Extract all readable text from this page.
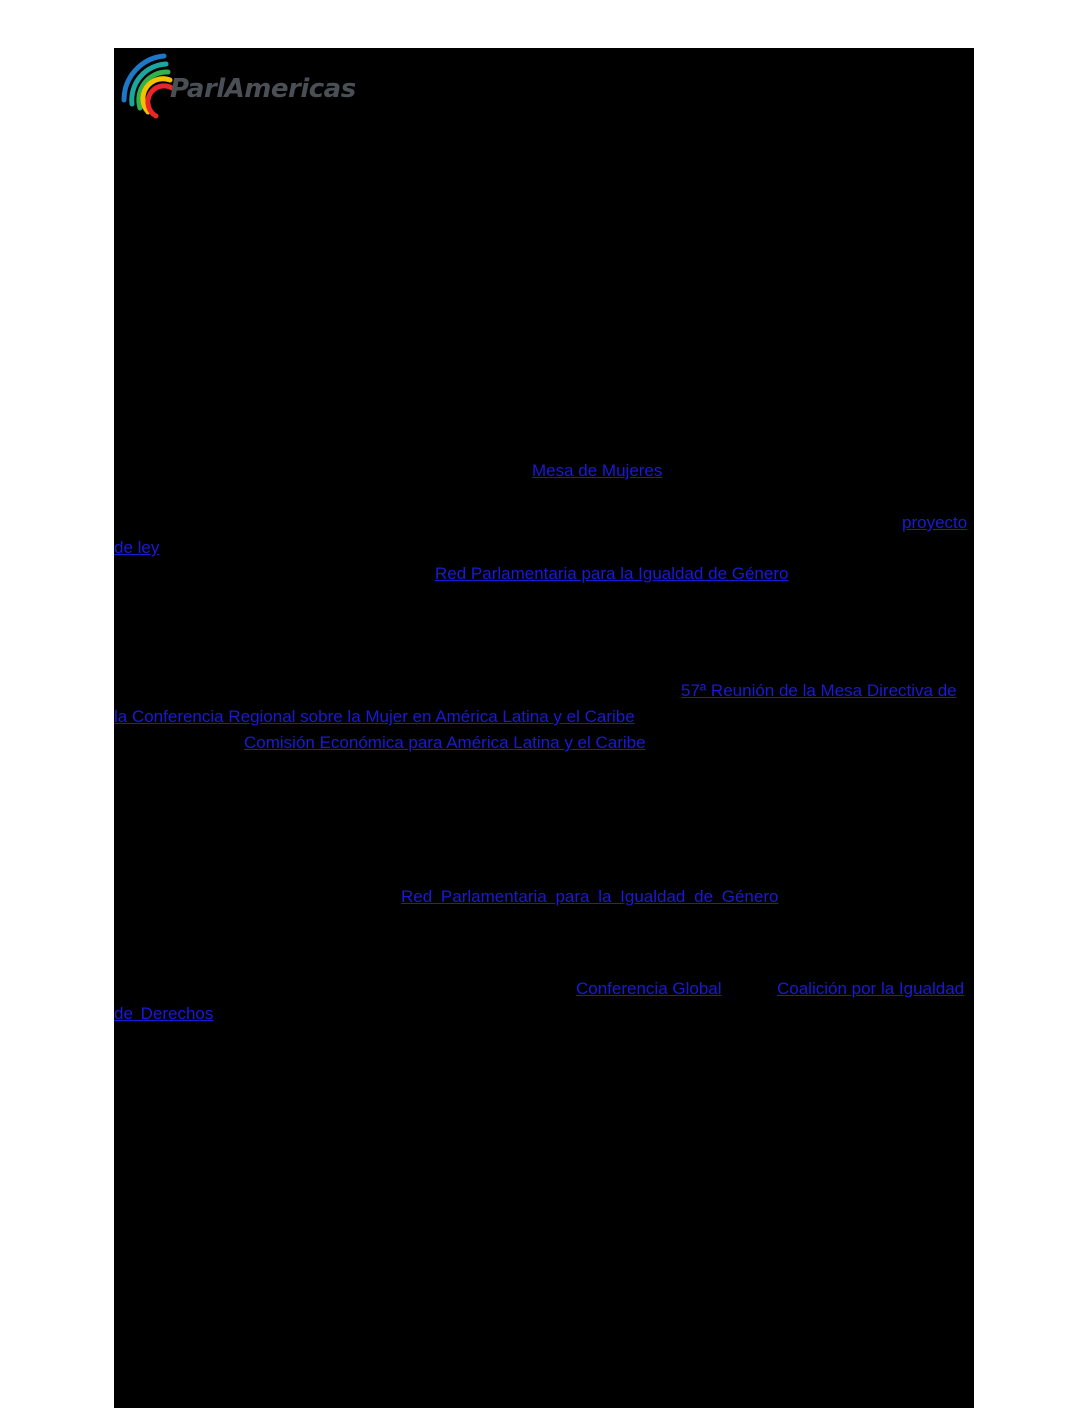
ParlAmericas
Mesa de Mujeres
proyecto
de ley
Red Parlamentaria para la Igualdad de Género
57ª Reunión de la Mesa Directiva de
la Conferencia Regional sobre la Mujer en América Latina y el Caribe
Comisión Económica para América Latina y el Caribe
Red Parlamentaria para la Igualdad de Género
Conferencia Global	Coalición por la Igualdad
de Derechos
ParlAmericas es la institución que promueve la diplomacia parlamentaria en el sistema interamericano. Compuesta por 35 legislaturas nacionales de Norte, Centro y Sudamérica y el Caribe, ParlAmericas promueve el diálogo político cooperativo, facilita el intercambio de buenas prácticas legislativas y elabora recursos especialmente diseñados para apoyar a las y los parlamentarios en el desempeño de sus funciones. La Secretaría Internacional de ParlAmericas tiene su sede en Ottawa, Canadá. Para obtener más información, visite www.parlamericas.org o contáctenos a info@parlamericas.org.
